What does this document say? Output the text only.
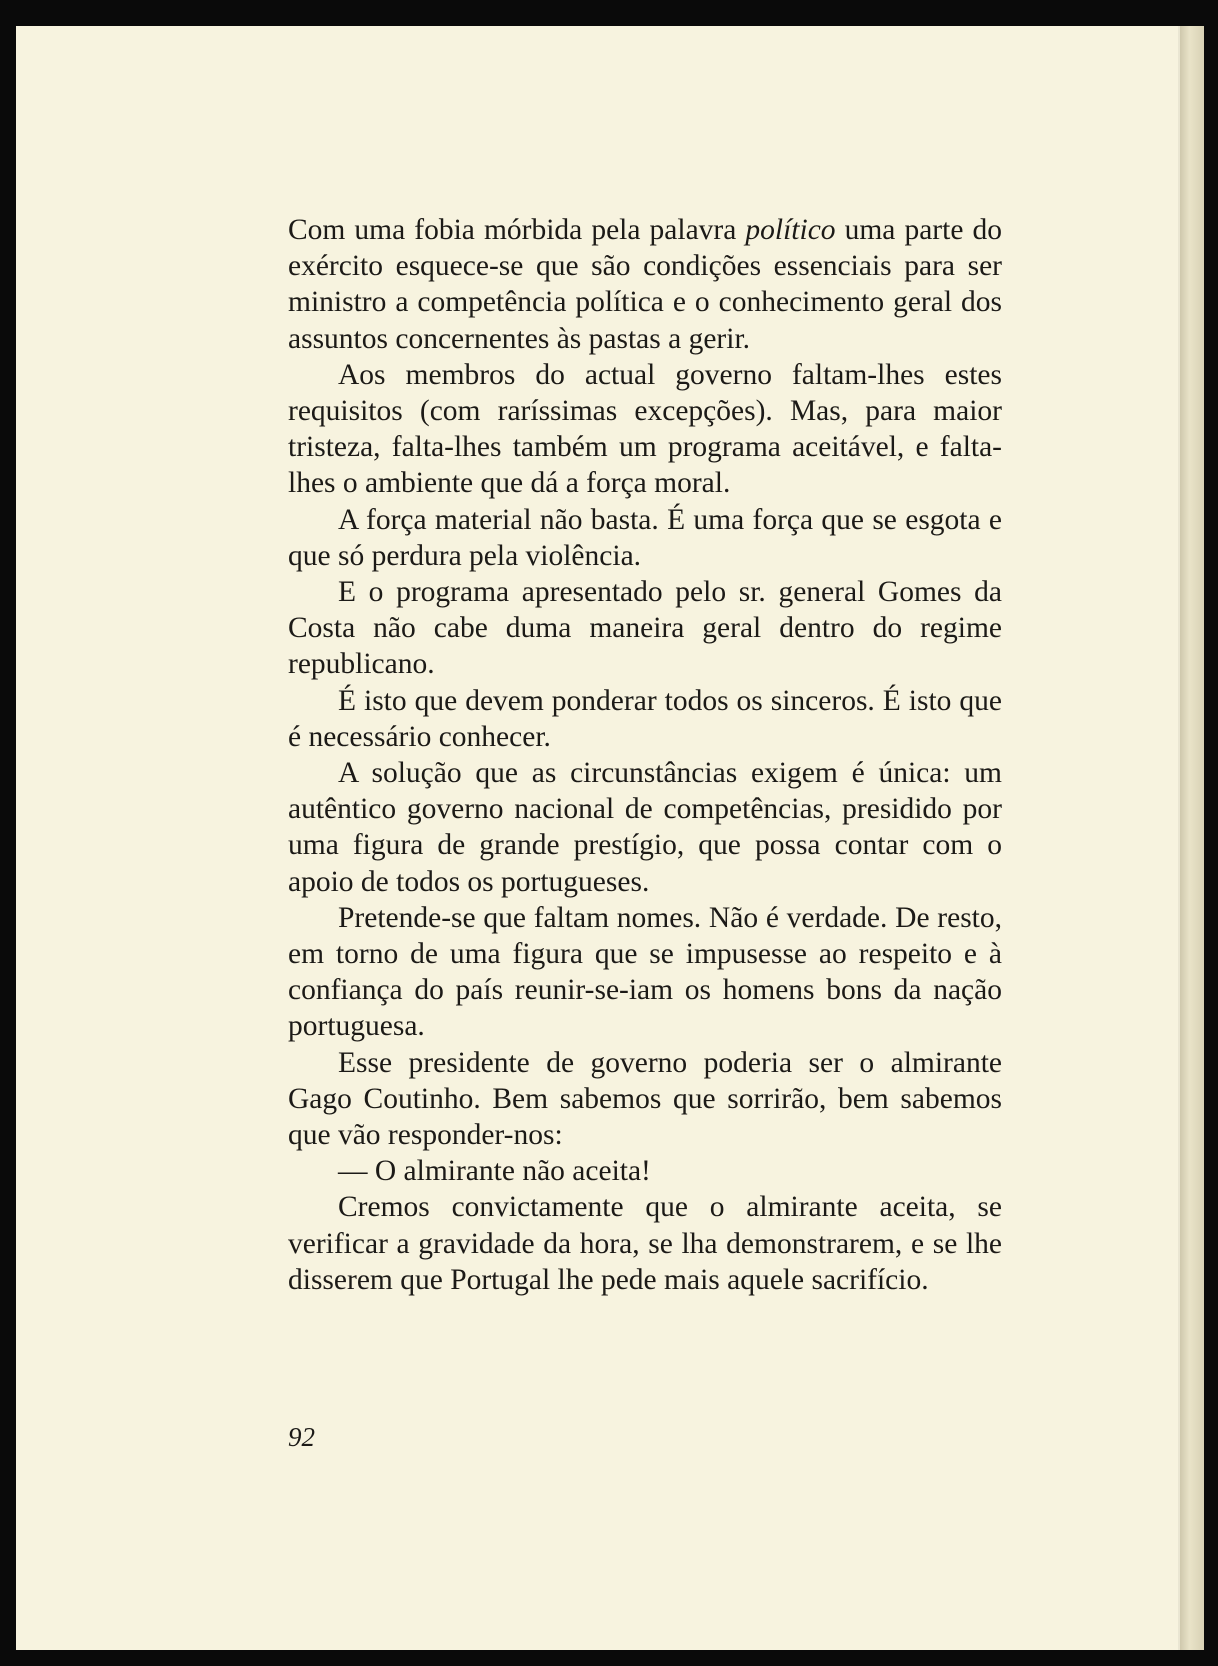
Com uma fobia mórbida pela palavra político uma parte do exército esquece-se que são condições essenciais para ser ministro a competência política e o conhecimento geral dos assuntos concernentes às pastas a gerir.

Aos membros do actual governo faltam-lhes estes requisitos (com raríssimas excepções). Mas, para maior tristeza, falta-lhes também um programa aceitável, e falta-lhes o ambiente que dá a força moral.

A força material não basta. É uma força que se esgota e que só perdura pela violência.

E o programa apresentado pelo sr. general Gomes da Costa não cabe duma maneira geral dentro do regime republicano.

É isto que devem ponderar todos os sinceros. É isto que é necessário conhecer.

A solução que as circunstâncias exigem é única: um autêntico governo nacional de competências, presidido por uma figura de grande prestígio, que possa contar com o apoio de todos os portugueses.

Pretende-se que faltam nomes. Não é verdade. De resto, em torno de uma figura que se impusesse ao respeito e à confiança do país reunir-se-iam os homens bons da nação portuguesa.

Esse presidente de governo poderia ser o almirante Gago Coutinho. Bem sabemos que sorrirão, bem sabemos que vão responder-nos:

— O almirante não aceita!

Cremos convictamente que o almirante aceita, se verificar a gravidade da hora, se lha demonstrarem, e se lhe disserem que Portugal lhe pede mais aquele sacrifício.

92
